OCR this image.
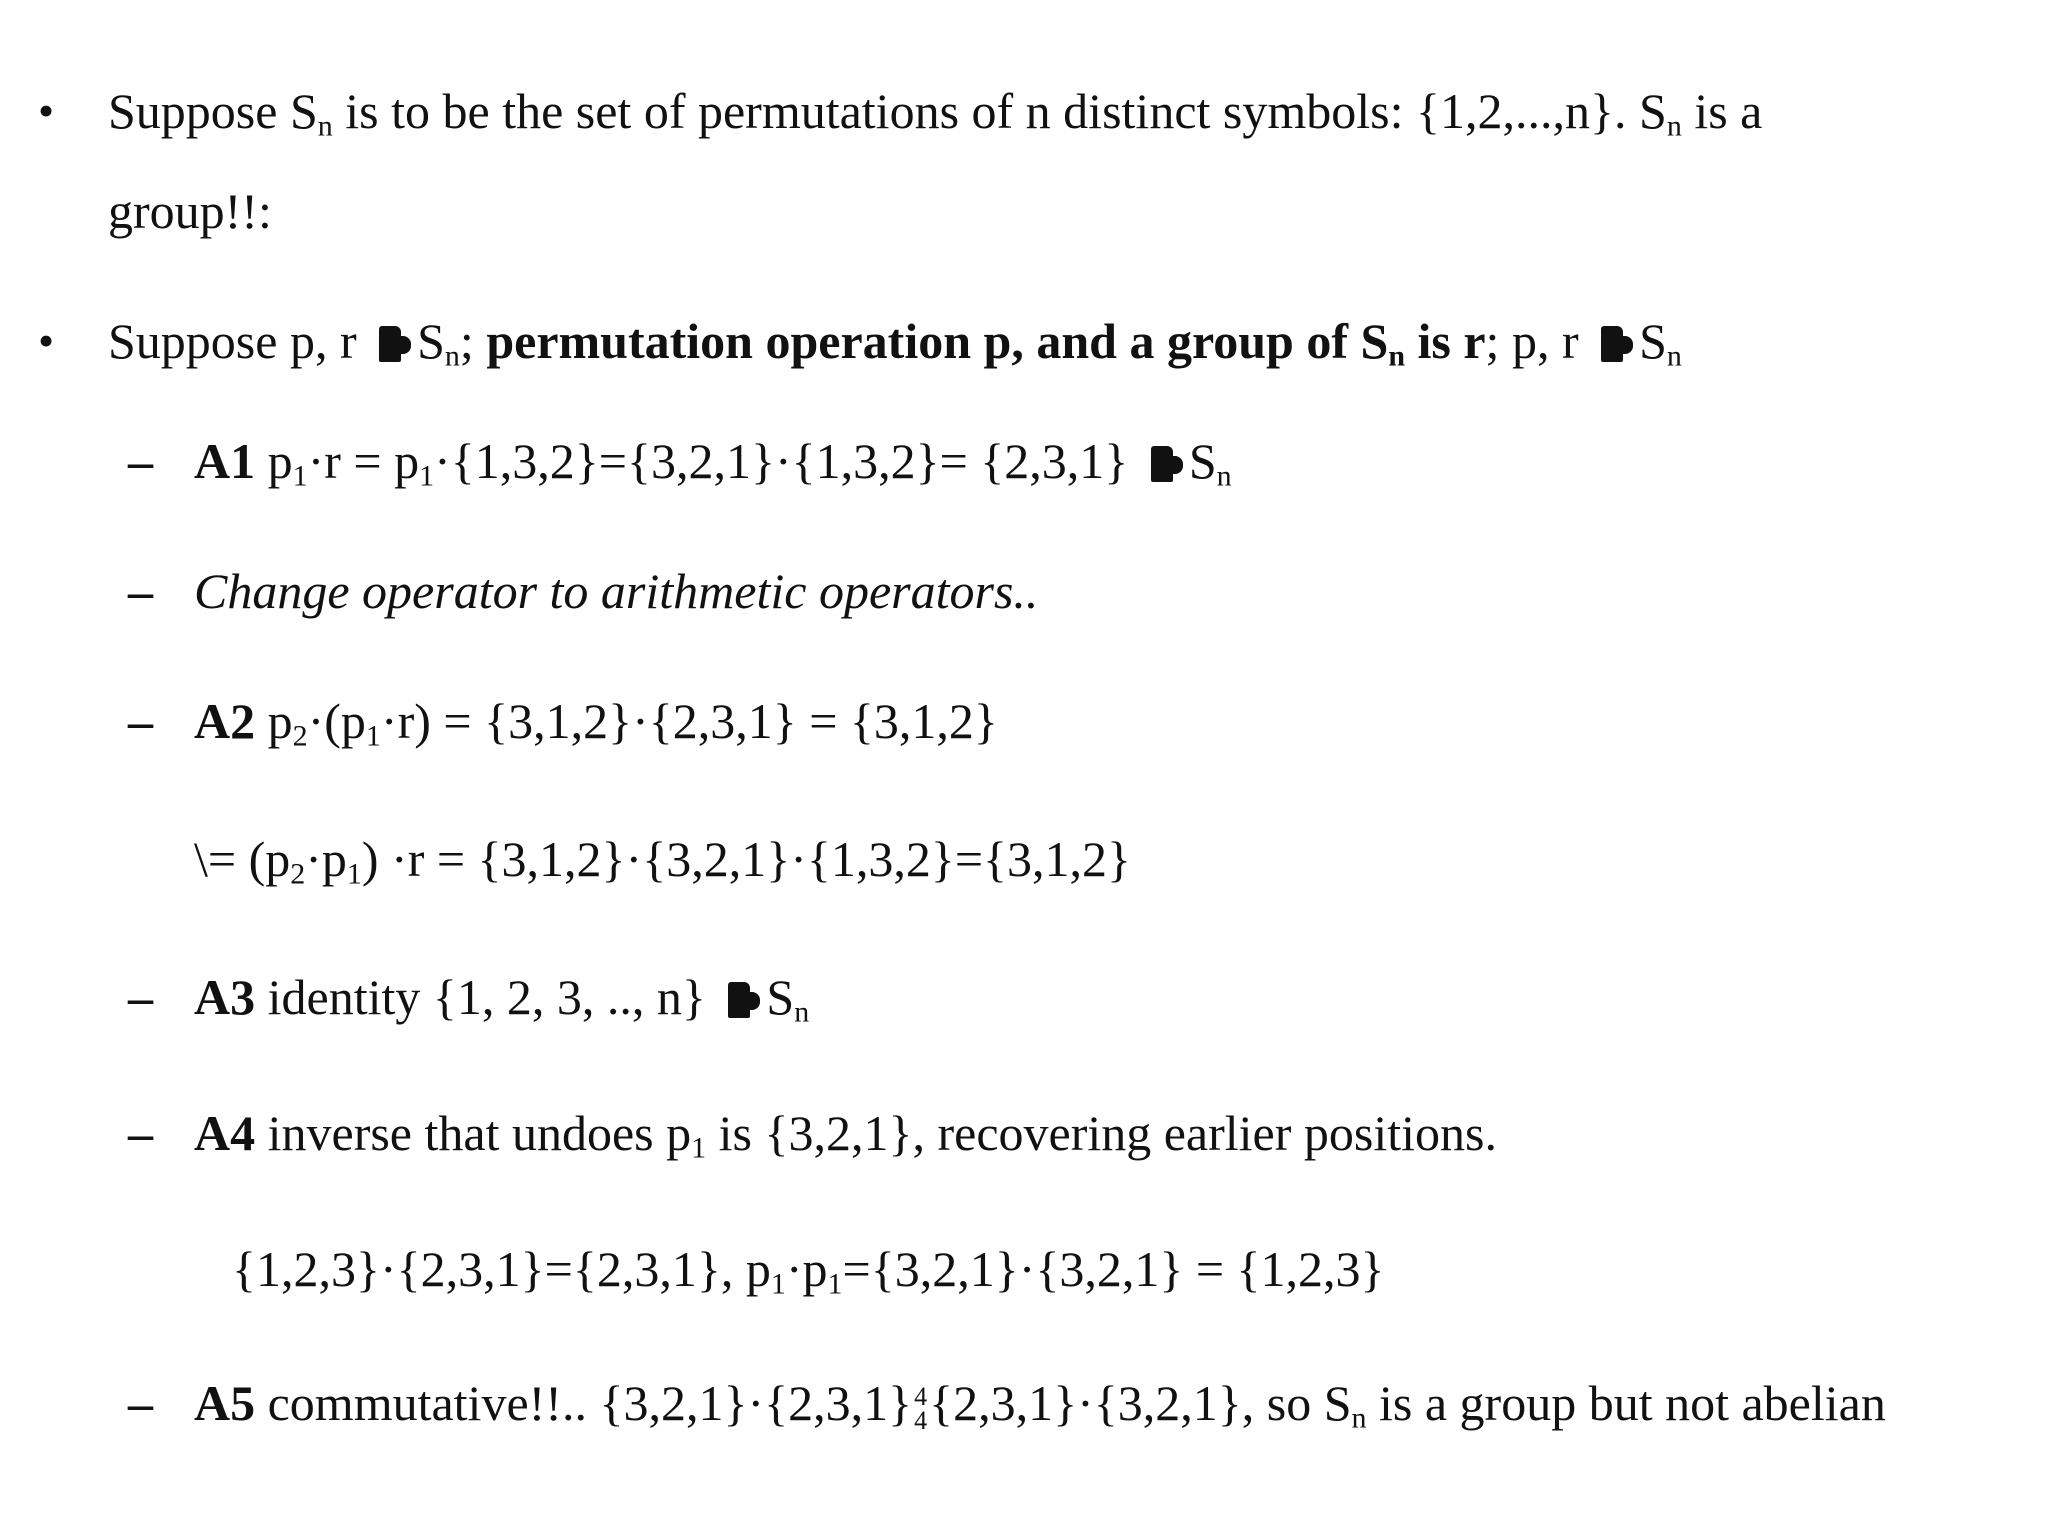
• Suppose $S_n$ is to be the set of permutations of n distinct symbols: {1,2,...,n}. $S_n$ is a
group!!:
• Suppose p, r $S_n$; permutation operation p, and a group of $S_n$ is r; p, r $S_n$
– A1 $p_1\cdot r = p_1\cdot\{1,3,2\}=\{3,2,1\}\cdot\{1,3,2\}= \{2,3,1\}$ $S_n$
– Change operator to arithmetic operators..
– A2 $p_2\cdot(p_1\cdot r) = \{3,1,2\}\cdot\{2,3,1\} = \{3,1,2\}$
\= $(p_2\cdot p_1) \cdot r = \{3,1,2\}\cdot\{3,2,1\}\cdot\{1,3,2\}=\{3,1,2\}$
– A3 identity {1, 2, 3, .., n} $S_n$
– A4 inverse that undoes $p_1$ is {3,2,1}, recovering earlier positions.
{1,2,3}·{2,3,1}={2,3,1}, $p_1\cdot p_1=\{3,2,1\}\cdot\{3,2,1\} = \{1,2,3\}$
– A5 commutative!!.. {3,2,1}·{2,3,1} 4
4 {2,3,1}·{3,2,1}, so $S_n$ is a group but not abelian
